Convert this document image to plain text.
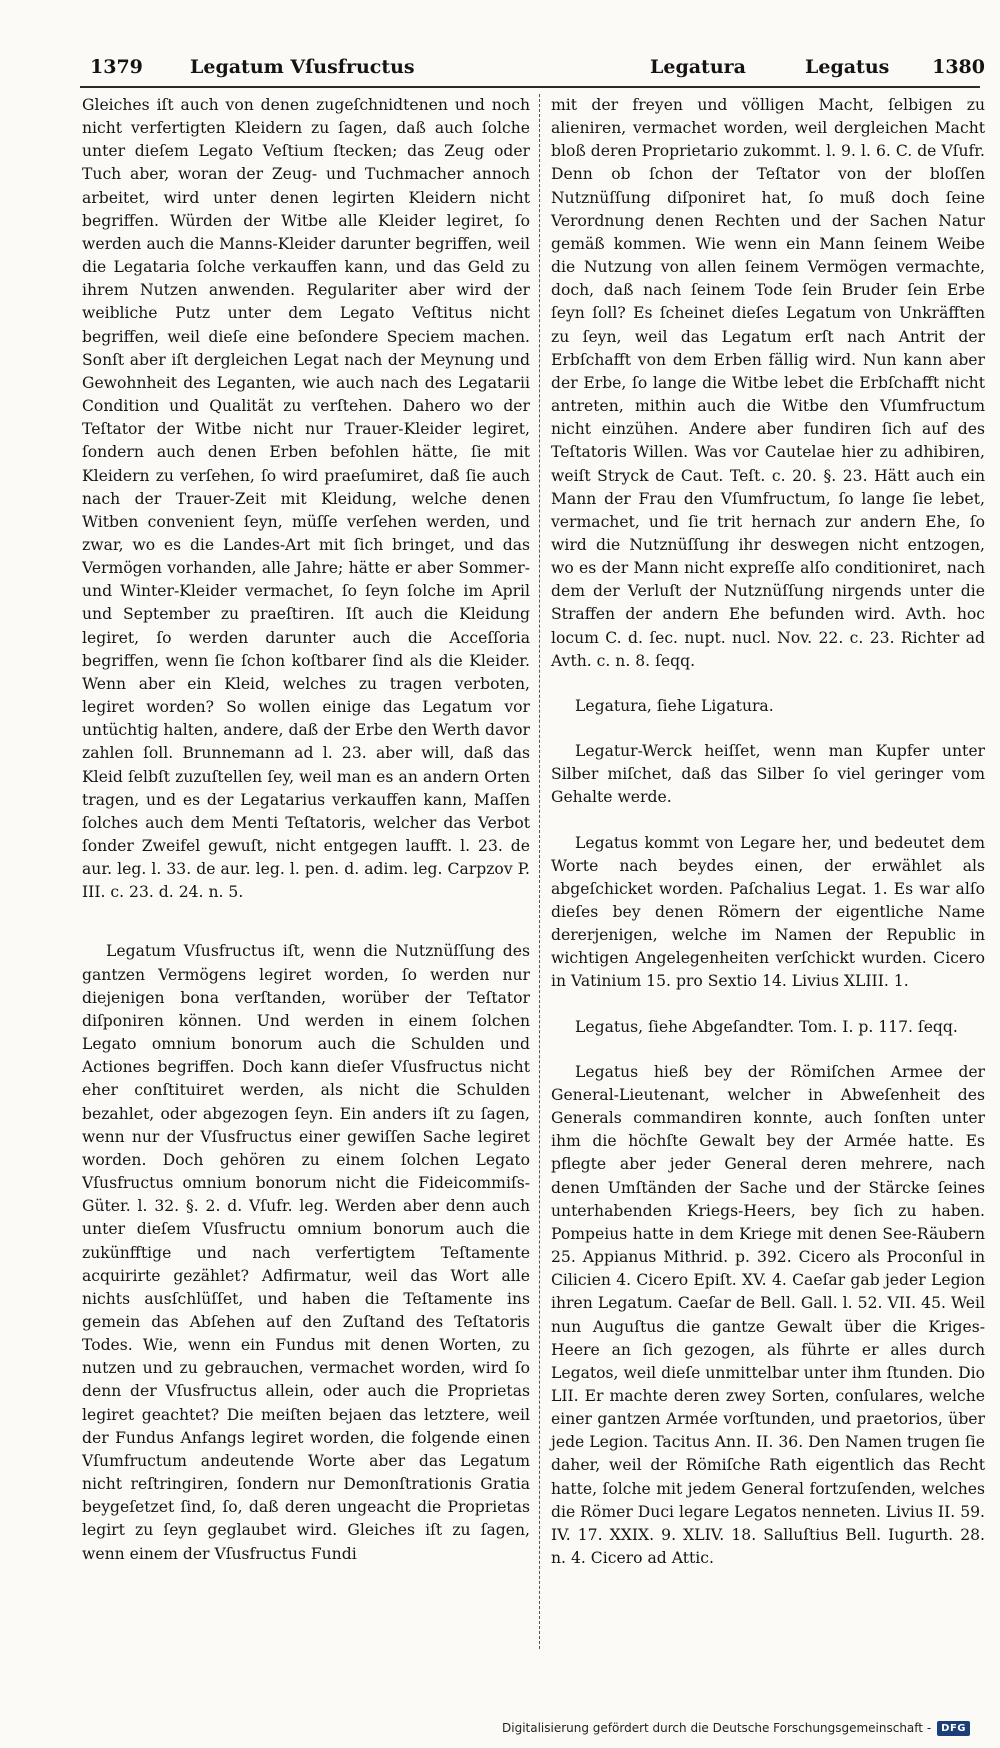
1379 Legatum Vſusfructus	Legatura	Legatus 1380

Gleiches iſt auch von denen zugeſchnidtenen und noch nicht verfertigten Kleidern zu ſagen, daß auch ſolche unter dieſem Legato Veſtium ſtecken; das Zeug oder Tuch aber, woran der Zeug- und Tuchmacher annoch arbeitet, wird unter denen legirten Kleidern nicht begriffen. Würden der Witbe alle Kleider legiret, ſo werden auch die Manns-Kleider darunter begriffen, weil die Legataria ſolche verkauffen kann, und das Geld zu ihrem Nutzen anwenden. Regulariter aber wird der weibliche Putz unter dem Legato Veſtitus nicht begriffen, weil dieſe eine beſondere Speciem machen. Sonſt aber iſt dergleichen Legat nach der Meynung und Gewohnheit des Leganten, wie auch nach des Legatarii Condition und Qualität zu verſtehen. Dahero wo der Teſtator der Witbe nicht nur Trauer-Kleider legiret, ſondern auch denen Erben befohlen hätte, ſie mit Kleidern zu verſehen, ſo wird praeſumiret, daß ſie auch nach der Trauer-Zeit mit Kleidung, welche denen Witben convenient ſeyn, müſſe verſehen werden, und zwar, wo es die Landes-Art mit ſich bringet, und das Vermögen vorhanden, alle Jahre; hätte er aber Sommer- und Winter-Kleider vermachet, ſo ſeyn ſolche im April und September zu praeſtiren. Iſt auch die Kleidung legiret, ſo werden darunter auch die Acceſſoria begriffen, wenn ſie ſchon koſtbarer ſind als die Kleider. Wenn aber ein Kleid, welches zu tragen verboten, legiret worden? So wollen einige das Legatum vor untüchtig halten, andere, daß der Erbe den Werth davor zahlen ſoll. Brunnemann ad l. 23. aber will, daß das Kleid ſelbſt zuzuſtellen ſey, weil man es an andern Orten tragen, und es der Legatarius verkauffen kann, Maſſen ſolches auch dem Menti Teſtatoris, welcher das Verbot ſonder Zweifel gewuſt, nicht entgegen laufft. l. 23. de aur. leg. l. 33. de aur. leg. l. pen. d. adim. leg. Carpzov P. III. c. 23. d. 24. n. 5.

Legatum Vſusfructus iſt, wenn die Nutznüſſung des gantzen Vermögens legiret worden, ſo werden nur diejenigen bona verſtanden, worüber der Teſtator diſponiren können. Und werden in einem ſolchen Legato omnium bonorum auch die Schulden und Actiones begriffen. Doch kann dieſer Vſusfructus nicht eher conſtituiret werden, als nicht die Schulden bezahlet, oder abgezogen ſeyn. Ein anders iſt zu ſagen, wenn nur der Vſusfructus einer gewiſſen Sache legiret worden. Doch gehören zu einem ſolchen Legato Vſusfructus omnium bonorum nicht die Fideicommiſs-Güter. l. 32. §. 2. d. Vſufr. leg. Werden aber denn auch unter dieſem Vſusfructu omnium bonorum auch die zukünfftige und nach verfertigtem Teſtamente acquirirte gezählet? Adfirmatur, weil das Wort alle nichts ausſchlüſſet, und haben die Teſtamente ins gemein das Abſehen auf den Zuſtand des Teſtatoris Todes. Wie, wenn ein Fundus mit denen Worten, zu nutzen und zu gebrauchen, vermachet worden, wird ſo denn der Vſusfructus allein, oder auch die Proprietas legiret geachtet? Die meiſten bejaen das letztere, weil der Fundus Anfangs legiret worden, die folgende einen Vſumfructum andeutende Worte aber das Legatum nicht reſtringiren, ſondern nur Demonſtrationis Gratia beygeſetzet ſind, ſo, daß deren ungeacht die Proprietas legirt zu ſeyn geglaubet wird. Gleiches iſt zu ſagen, wenn einem der Vſusfructus Fundi

mit der freyen und völligen Macht, ſelbigen zu alieniren, vermachet worden, weil dergleichen Macht bloß deren Proprietario zukommt. l. 9. l. 6. C. de Vſufr. Denn ob ſchon der Teſtator von der bloſſen Nutznüſſung diſponiret hat, ſo muß doch ſeine Verordnung denen Rechten und der Sachen Natur gemäß kommen. Wie wenn ein Mann ſeinem Weibe die Nutzung von allen ſeinem Vermögen vermachte, doch, daß nach ſeinem Tode ſein Bruder ſein Erbe ſeyn ſoll? Es ſcheinet dieſes Legatum von Unkräfften zu ſeyn, weil das Legatum erſt nach Antrit der Erbſchafft von dem Erben fällig wird. Nun kann aber der Erbe, ſo lange die Witbe lebet die Erbſchafft nicht antreten, mithin auch die Witbe den Vſumfructum nicht einzühen. Andere aber fundiren ſich auf des Teſtatoris Willen. Was vor Cautelae hier zu adhibiren, weiſt Stryck de Caut. Teſt. c. 20. §. 23. Hätt auch ein Mann der Frau den Vſumfructum, ſo lange ſie lebet, vermachet, und ſie trit hernach zur andern Ehe, ſo wird die Nutznüſſung ihr deswegen nicht entzogen, wo es der Mann nicht expreſſe alſo conditioniret, nach dem der Verluſt der Nutznüſſung nirgends unter die Straffen der andern Ehe befunden wird. Avth. hoc locum C. d. ſec. nupt. nucl. Nov. 22. c. 23. Richter ad Avth. c. n. 8. ſeqq.

Legatura, ſiehe Ligatura.

Legatur-Werck heiſſet, wenn man Kupfer unter Silber miſchet, daß das Silber ſo viel geringer vom Gehalte werde.

Legatus kommt von Legare her, und bedeutet dem Worte nach beydes einen, der erwählet als abgeſchicket worden. Paſchalius Legat. 1. Es war alſo dieſes bey denen Römern der eigentliche Name dererjenigen, welche im Namen der Republic in wichtigen Angelegenheiten verſchickt wurden. Cicero in Vatinium 15. pro Sextio 14. Livius XLIII. 1.

Legatus, ſiehe Abgeſandter. Tom. I. p. 117. ſeqq.

Legatus hieß bey der Römiſchen Armee der General-Lieutenant, welcher in Abweſenheit des Generals commandiren konnte, auch ſonſten unter ihm die höchſte Gewalt bey der Armée hatte. Es pflegte aber jeder General deren mehrere, nach denen Umſtänden der Sache und der Stärcke ſeines unterhabenden Kriegs-Heers, bey ſich zu haben. Pompeius hatte in dem Kriege mit denen See-Räubern 25. Appianus Mithrid. p. 392. Cicero als Proconſul in Cilicien 4. Cicero Epiſt. XV. 4. Caeſar gab jeder Legion ihren Legatum. Caeſar de Bell. Gall. l. 52. VII. 45. Weil nun Auguſtus die gantze Gewalt über die Kriges-Heere an ſich gezogen, als führte er alles durch Legatos, weil dieſe unmittelbar unter ihm ſtunden. Dio LII. Er machte deren zwey Sorten, conſulares, welche einer gantzen Armée vorſtunden, und praetorios, über jede Legion. Tacitus Ann. II. 36. Den Namen trugen ſie daher, weil der Römiſche Rath eigentlich das Recht hatte, ſolche mit jedem General fortzuſenden, welches die Römer Duci legare Legatos nenneten. Livius II. 59. IV. 17. XXIX. 9. XLIV. 18. Salluſtius Bell. Iugurth. 28. n. 4. Cicero ad Attic.

Digitalisierung gefördert durch die Deutsche Forschungsgemeinschaft -	DFG
